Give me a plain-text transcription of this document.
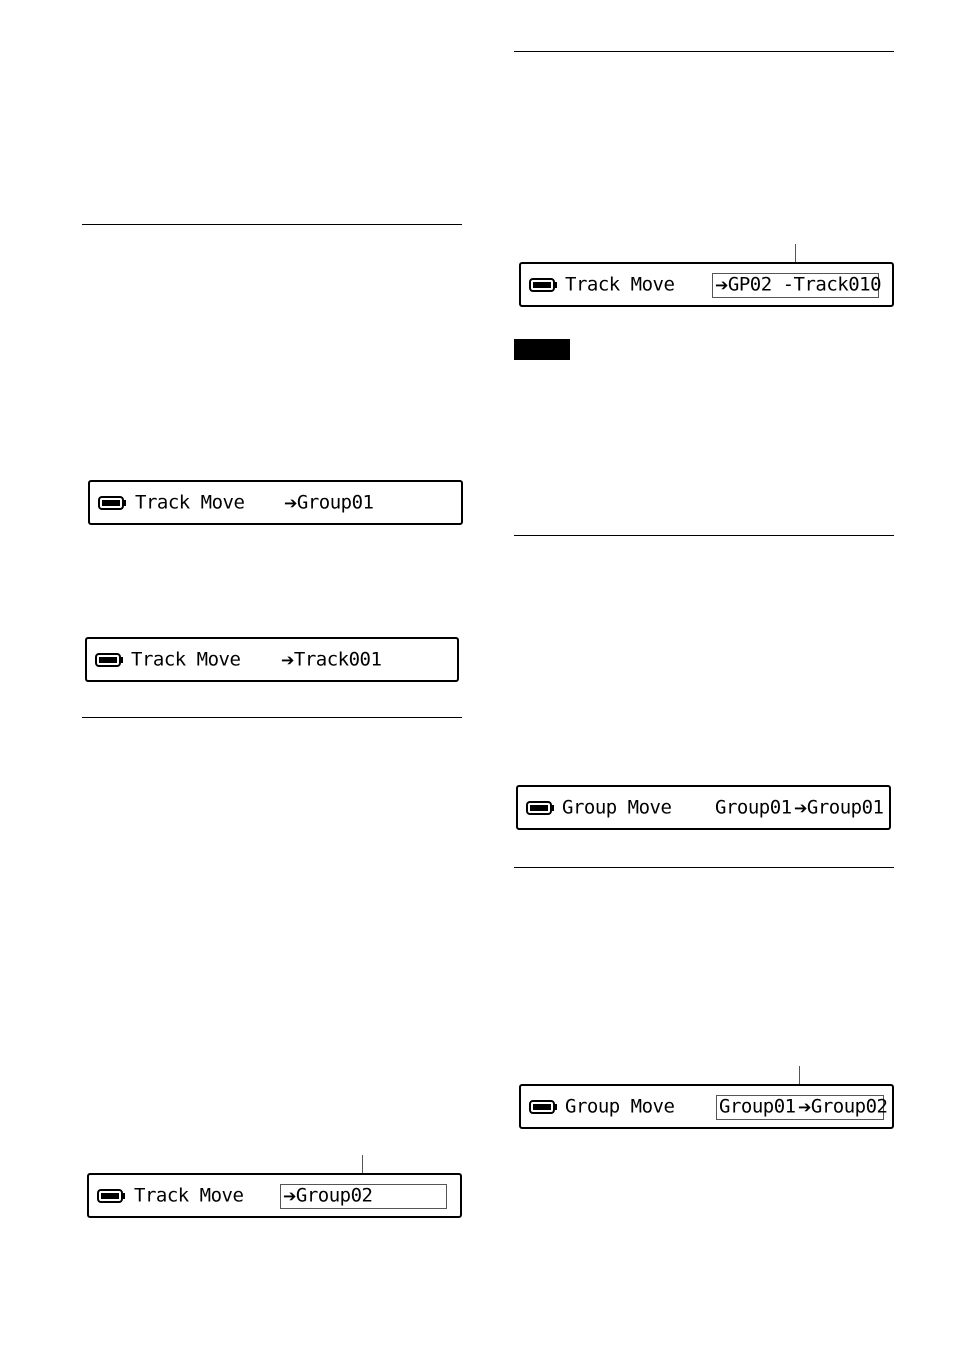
Track Move ➔Group01
Track Move	➔Track001
Track Move ➔Group02
Track Move	➔GP02 -Track010
Group Move Group01 ➔Group01
Group Move Group01 ➔Group02
